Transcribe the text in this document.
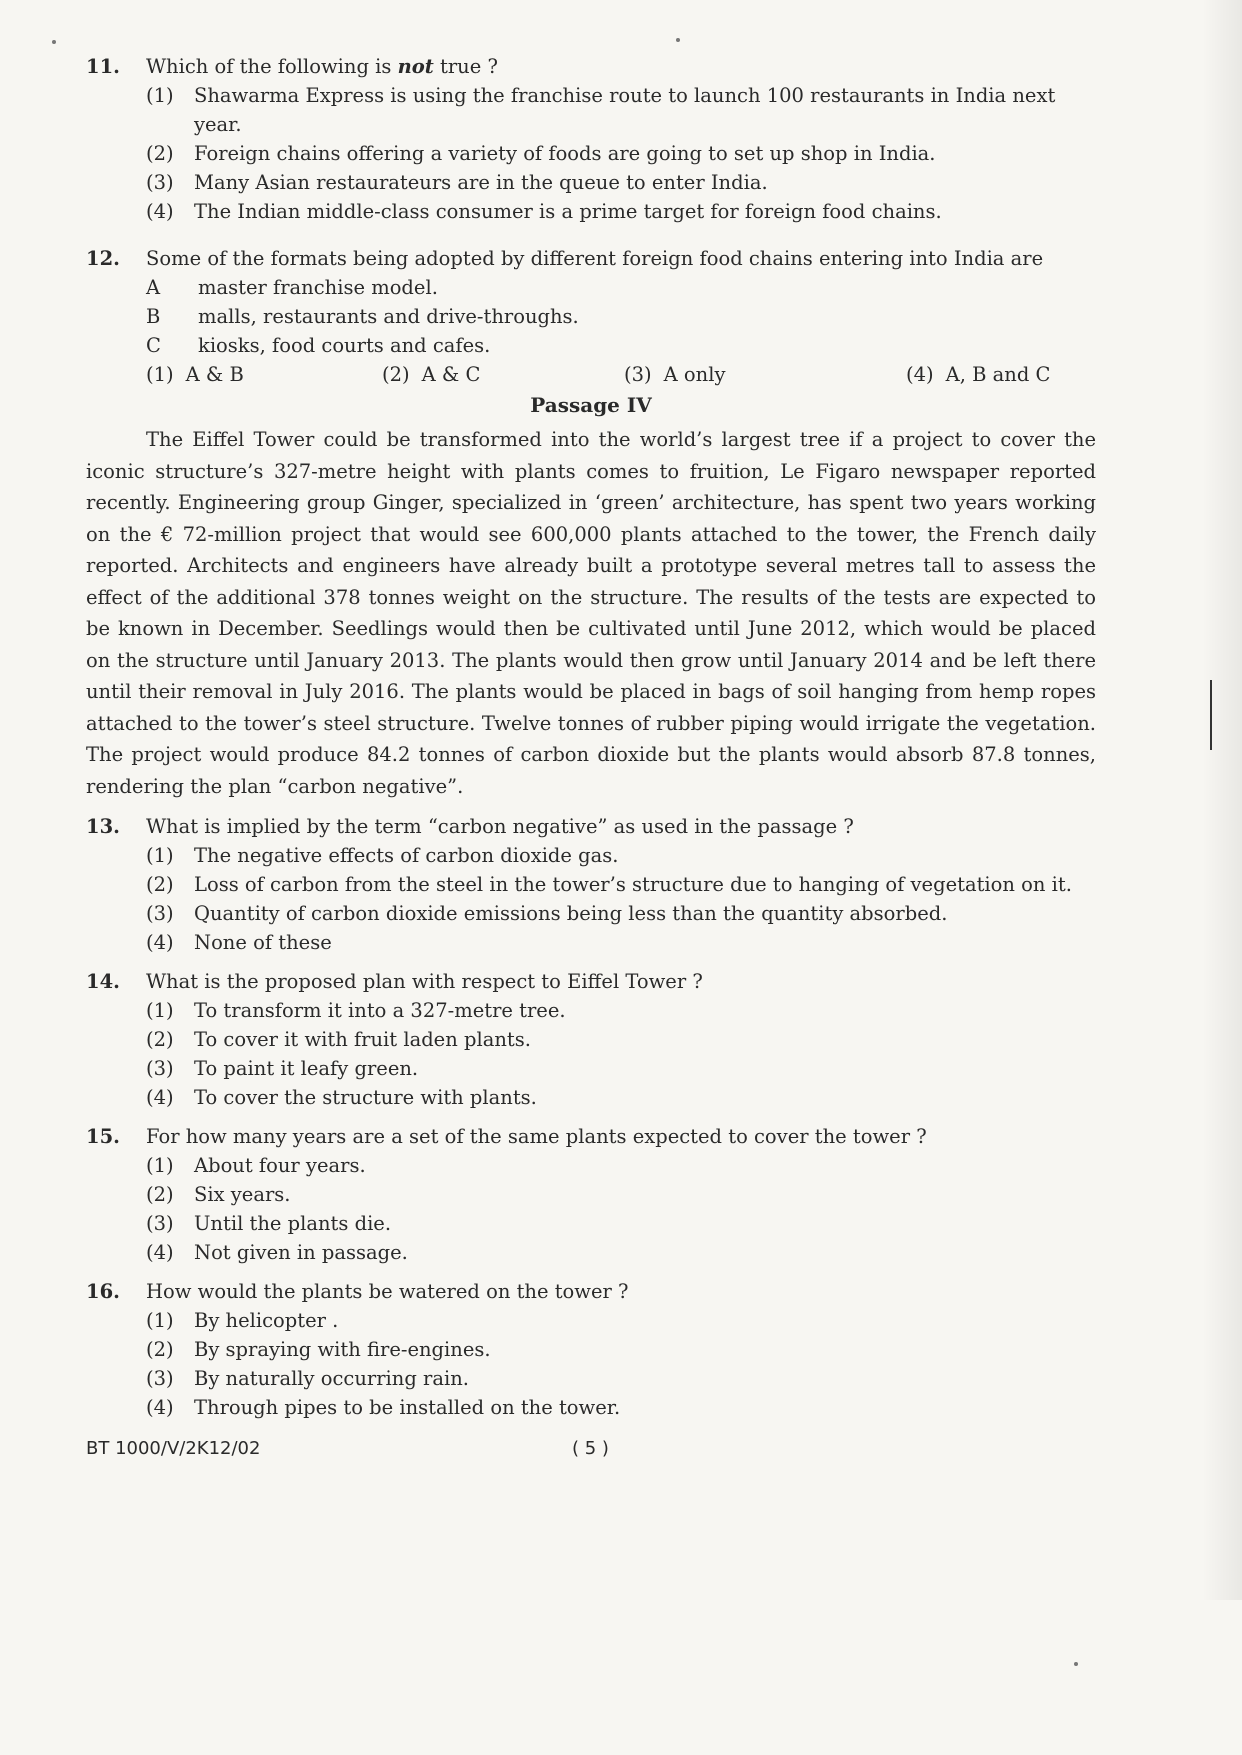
11. Which of the following is not true ?
(1) Shawarma Express is using the franchise route to launch 100 restaurants in India next year.
(2) Foreign chains offering a variety of foods are going to set up shop in India.
(3) Many Asian restaurateurs are in the queue to enter India.
(4) The Indian middle-class consumer is a prime target for foreign food chains.
12. Some of the formats being adopted by different foreign food chains entering into India are
A master franchise model.
B malls, restaurants and drive-throughs.
C kiosks, food courts and cafes.
(1) A & B	(2) A & C	(3) A only	(4) A, B and C
Passage IV
The Eiffel Tower could be transformed into the world’s largest tree if a project to cover the iconic structure’s 327-metre height with plants comes to fruition, Le Figaro newspaper reported recently. Engineering group Ginger, specialized in ‘green’ architecture, has spent two years working on the € 72-million project that would see 600,000 plants attached to the tower, the French daily reported. Architects and engineers have already built a prototype several metres tall to assess the effect of the additional 378 tonnes weight on the structure. The results of the tests are expected to be known in December. Seedlings would then be cultivated until June 2012, which would be placed on the structure until January 2013. The plants would then grow until January 2014 and be left there until their removal in July 2016. The plants would be placed in bags of soil hanging from hemp ropes attached to the tower’s steel structure. Twelve tonnes of rubber piping would irrigate the vegetation. The project would produce 84.2 tonnes of carbon dioxide but the plants would absorb 87.8 tonnes, rendering the plan “carbon negative”.
13. What is implied by the term “carbon negative” as used in the passage ?
(1) The negative effects of carbon dioxide gas.
(2) Loss of carbon from the steel in the tower’s structure due to hanging of vegetation on it.
(3) Quantity of carbon dioxide emissions being less than the quantity absorbed.
(4) None of these
14. What is the proposed plan with respect to Eiffel Tower ?
(1) To transform it into a 327-metre tree.
(2) To cover it with fruit laden plants.
(3) To paint it leafy green.
(4) To cover the structure with plants.
15. For how many years are a set of the same plants expected to cover the tower ?
(1) About four years.
(2) Six years.
(3) Until the plants die.
(4) Not given in passage.
16. How would the plants be watered on the tower ?
(1) By helicopter .
(2) By spraying with fire-engines.
(3) By naturally occurring rain.
(4) Through pipes to be installed on the tower.
BT 1000/V/2K12/02	( 5 )
